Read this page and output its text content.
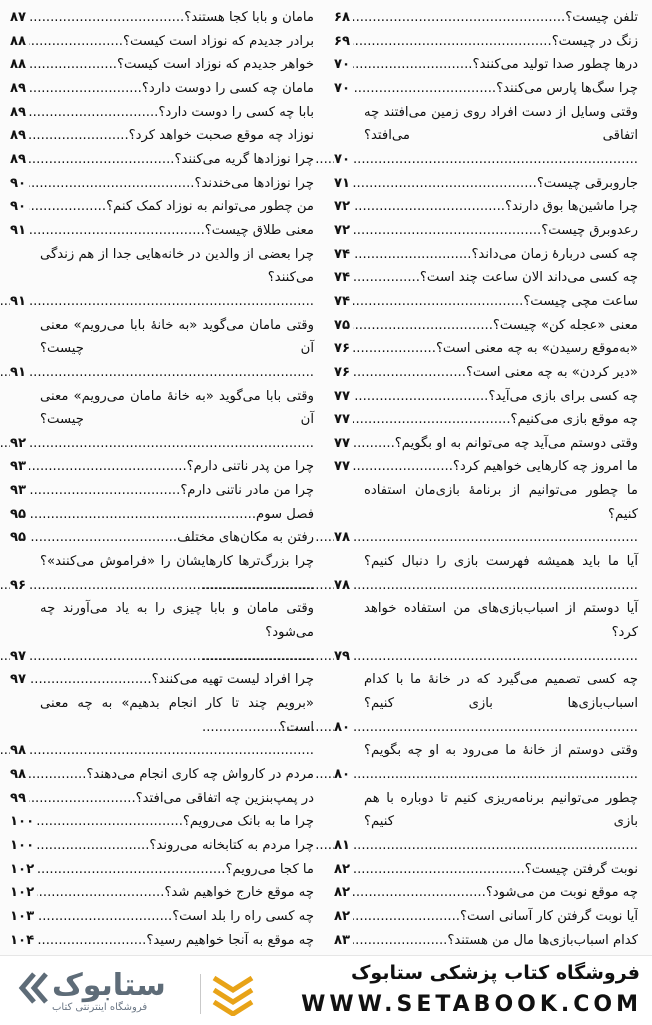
تلفن چیست؟ .....
۶۸
زنگ در چیست؟ .....
۶۹
درها چطور صدا تولید می‌کنند؟ .....
۷۰
چرا سگ‌ها پارس می‌کنند؟ .....
۷۰
وقتی وسایل از دست افراد روی زمین می‌افتند چه اتفاقی می‌افتد؟ .....
۷۰
جاروبرقی چیست؟ .....
۷۱
چرا ماشین‌ها بوق دارند؟ .....
۷۲
رعدوبرق چیست؟ .....
۷۲
چه کسی دربارهٔ زمان می‌داند؟ .....
۷۴
چه کسی می‌داند الان ساعت چند است؟ .....
۷۴
ساعت مچی چیست؟ .....
۷۴
معنی «عجله کن» چیست؟ .....
۷۵
«به‌موقع رسیدن» به چه معنی است؟ .....
۷۶
«دیر کردن» به چه معنی است؟ .....
۷۶
چه کسی برای بازی می‌آید؟ .....
۷۷
چه موقع بازی می‌کنیم؟ .....
۷۷
وقتی دوستم می‌آید چه می‌توانم به او بگویم؟ .....
۷۷
ما امروز چه کارهایی خواهیم کرد؟ .....
۷۷
ما چطور می‌توانیم از برنامهٔ بازی‌مان استفاده کنیم؟ .....
۷۸
آیا ما باید همیشه فهرست بازی را دنبال کنیم؟ .....
۷۸
آیا دوستم از اسباب‌بازی‌های من استفاده خواهد کرد؟ .....
۷۹
چه کسی تصمیم می‌گیرد که در خانهٔ ما با کدام اسباب‌بازی‌ها بازی کنیم؟ .....
۸۰
وقتی دوستم از خانهٔ ما می‌رود به او چه بگویم؟ .....
۸۰
چطور می‌توانیم برنامه‌ریزی کنیم تا دوباره با هم بازی کنیم؟ .....
۸۱
نوبت گرفتن چیست؟ .....
۸۲
چه موقع نوبت من می‌شود؟ .....
۸۲
آیا نوبت گرفتن کار آسانی است؟ .....
۸۲
کدام اسباب‌بازی‌ها مال من هستند؟ .....
۸۳
.....
مامان و بابا کجا هستند؟ .....
۸۷
برادر جدیدم که نوزاد است کیست؟ .....
۸۸
خواهر جدیدم که نوزاد است کیست؟ .....
۸۸
مامان چه کسی را دوست دارد؟ .....
۸۹
بابا چه کسی را دوست دارد؟ .....
۸۹
نوزاد چه موقع صحبت خواهد کرد؟ .....
۸۹
چرا نوزادها گریه می‌کنند؟ .....
۸۹
چرا نوزادها می‌خندند؟ .....
۹۰
من چطور می‌توانم به نوزاد کمک کنم؟ .....
۹۰
معنی طلاق چیست؟ .....
۹۱
چرا بعضی از والدین در خانه‌هایی جدا از هم زندگی می‌کنند؟ .....
۹۱
وقتی مامان می‌گوید «به خانهٔ بابا می‌رویم» معنی آن چیست؟ .....
۹۱
وقتی بابا می‌گوید «به خانهٔ مامان می‌رویم» معنی آن چیست؟ .....
۹۲
چرا من پدر ناتنی دارم؟ .....
۹۳
چرا من مادر ناتنی دارم؟ .....
۹۳
فصل سوم .....
۹۵
رفتن به مکان‌های مختلف .....
۹۵
چرا بزرگ‌ترها کارهایشان را «فراموش می‌کنند»؟ .....
۹۶
وقتی مامان و بابا چیزی را به یاد می‌آورند چه می‌شود؟ .....
۹۷
چرا افراد لیست تهیه می‌کنند؟ .....
۹۷
«برویم چند تا کار انجام بدهیم» به چه معنی است؟ .....
۹۸
مردم در کارواش چه کاری انجام می‌دهند؟ .....
۹۸
در پمپ‌بنزین چه اتفاقی می‌افتد؟ .....
۹۹
چرا ما به بانک می‌رویم؟ .....
۱۰۰
چرا مردم به کتابخانه می‌روند؟ .....
۱۰۰
ما کجا می‌رویم؟ .....
۱۰۲
چه موقع خارج خواهیم شد؟ .....
۱۰۲
چه کسی راه را بلد است؟ .....
۱۰۳
چه موقع به آنجا خواهیم رسید؟ .....
۱۰۴
.....
ستابوک
فروشگاه اینترنتی کتاب
فروشگاه کتاب پزشکی ستابوک
WWW.SETABOOK.COM
